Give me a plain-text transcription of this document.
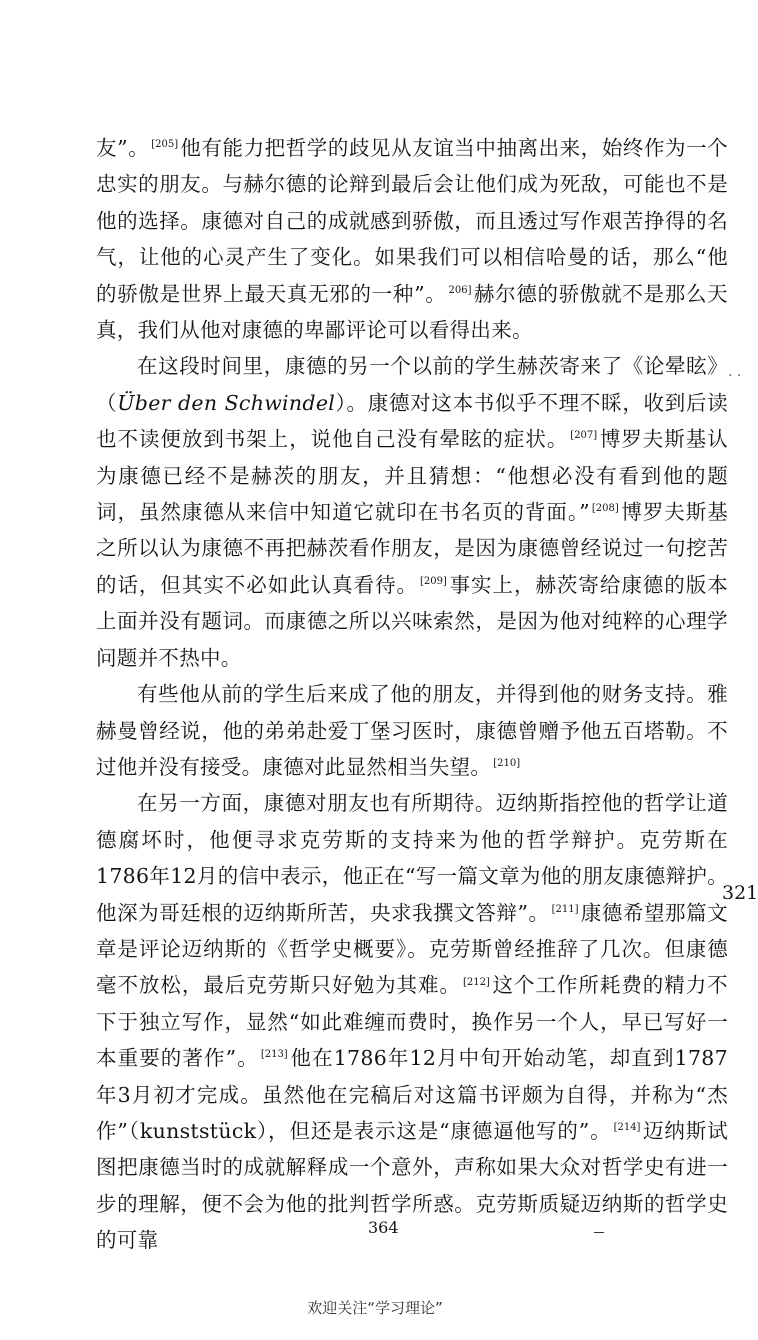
友”。 [205]他有能力把哲学的歧见从友谊当中抽离出来，始终作为一个忠实的朋友。与赫尔德的论辩到最后会让他们成为死敌，可能也不是他的选择。康德对自己的成就感到骄傲，而且透过写作艰苦挣得的名气，让他的心灵产生了变化。如果我们可以相信哈曼的话，那么“他的骄傲是世界上最天真无邪的一种”。 $^{206]}$赫尔德的骄傲就不是那么天真，我们从他对康德的卑鄙评论可以看得出来。

在这段时间里，康德的另一个以前的学生赫茨寄来了《论晕眩》（Über den Schwindel）。康德对这本书似乎不理不睬，收到后读也不读便放到书架上，说他自己没有晕眩的症状。 [207]博罗夫斯基认为康德已经不是赫茨的朋友，并且猜想：“他想必没有看到他的题词，虽然康德从来信中知道它就印在书名页的背面。” [208]博罗夫斯基之所以认为康德不再把赫茨看作朋友，是因为康德曾经说过一句挖苦的话，但其实不必如此认真看待。 [209]事实上，赫茨寄给康德的版本上面并没有题词。而康德之所以兴味索然，是因为他对纯粹的心理学问题并不热中。

有些他从前的学生后来成了他的朋友，并得到他的财务支持。雅赫曼曾经说，他的弟弟赴爱丁堡习医时，康德曾赠予他五百塔勒。不过他并没有接受。康德对此显然相当失望。 [210]

在另一方面，康德对朋友也有所期待。迈纳斯指控他的哲学让道德腐坏时，他便寻求克劳斯的支持来为他的哲学辩护。克劳斯在1786年12月的信中表示，他正在“写一篇文章为他的朋友康德辩护。他深为哥廷根的迈纳斯所苦，央求我撰文答辩”。 [211]康德希望那篇文章是评论迈纳斯的《哲学史概要》。克劳斯曾经推辞了几次。但康德毫不放松，最后克劳斯只好勉为其难。 [212]这个工作所耗费的精力不下于独立写作，显然“如此难缠而费时，换作另一个人，早已写好一本重要的著作”。 [213]他在1786年12月中旬开始动笔，却直到1787年3月初才完成。虽然他在完稿后对这篇书评颇为自得，并称为“杰作”（kunststück），但还是表示这是“康德逼他写的”。 [214]迈纳斯试图把康德当时的成就解释成一个意外，声称如果大众对哲学史有进一步的理解，便不会为他的批判哲学所惑。克劳斯质疑迈纳斯的哲学史的可靠

· ·
321
364
欢迎关注“学习理论”
